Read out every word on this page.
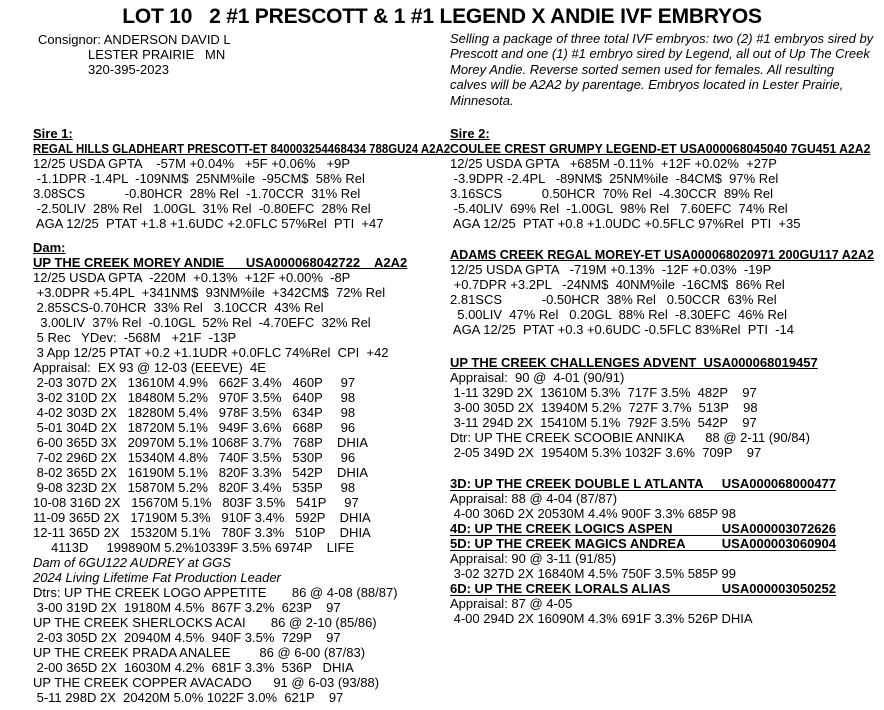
LOT 10   2 #1 PRESCOTT & 1 #1 LEGEND X ANDIE IVF EMBRYOS
Consignor: ANDERSON DAVID L
LESTER PRAIRIE   MN
320-395-2023
Selling a package of three total IVF embryos: two (2) #1 embryos sired by Prescott and one (1) #1 embryo sired by Legend, all out of Up The Creek Morey Andie. Reverse sorted semen used for females. All resulting calves will be A2A2 by parentage. Embryos located in Lester Prairie, Minnesota.
Sire 1:
REGAL HILLS GLADHEART PRESCOTT-ET 840003254468434 788GU24 A2A2
12/25 USDA GPTA    -57M +0.04%   +5F +0.06%   +9P
-1.1DPR -1.4PL  -109NM$  25NM%ile  -95CM$  58% Rel
3.08SCS           -0.80HCR  28% Rel  -1.70CCR  31% Rel
-2.50LIV  28% Rel   1.00GL  31% Rel  -0.80EFC  28% Rel
AGA 12/25  PTAT +1.8 +1.6UDC +2.0FLC 57%Rel  PTI  +47
Dam:
UP THE CREEK MOREY ANDIE      USA000068042722    A2A2
12/25 USDA GPTA  -220M  +0.13%  +12F +0.00%  -8P
+3.0DPR +5.4PL  +341NM$  93NM%ile  +342CM$  72% Rel
2.85SCS-0.70HCR  33% Rel   3.10CCR  43% Rel
3.00LIV  37% Rel  -0.10GL  52% Rel  -4.70EFC  32% Rel
5 Rec   YDev:  -568M   +21F  -13P
3 App 12/25 PTAT +0.2 +1.1UDR +0.0FLC 74%Rel  CPI  +42
Appraisal:  EX 93 @ 12-03 (EEEVE)  4E
2-03 307D 2X   13610M 4.9%   662F 3.4%   460P     97
3-02 310D 2X   18480M 5.2%   970F 3.5%   640P     98
4-02 303D 2X   18280M 5.4%   978F 3.5%   634P     98
5-01 304D 2X   18720M 5.1%   949F 3.6%   668P     96
6-00 365D 3X   20970M 5.1% 1068F 3.7%   768P    DHIA
7-02 296D 2X   15340M 4.8%   740F 3.5%   530P     96
8-02 365D 2X   16190M 5.1%   820F 3.3%   542P    DHIA
9-08 323D 2X   15870M 5.2%   820F 3.4%   535P     98
10-08 316D 2X   15670M 5.1%   803F 3.5%   541P     97
11-09 365D 2X   17190M 5.3%   910F 3.4%   592P    DHIA
12-11 365D 2X   15320M 5.1%   780F 3.3%   510P    DHIA
4113D     199890M 5.2%10339F 3.5% 6974P    LIFE
Dam of 6GU122 AUDREY at GGS
2024 Living Lifetime Fat Production Leader
Dtrs: UP THE CREEK LOGO APPETITE       86 @ 4-08 (88/87)
3-00 319D 2X  19180M 4.5%  867F 3.2%  623P    97
UP THE CREEK SHERLOCKS ACAI       86 @ 2-10 (85/86)
2-03 305D 2X  20940M 4.5%  940F 3.5%  729P    97
UP THE CREEK PRADA ANALEE        86 @ 6-00 (87/83)
2-00 365D 2X  16030M 4.2%  681F 3.3%  536P   DHIA
UP THE CREEK COPPER AVACADO      91 @ 6-03 (93/88)
5-11 298D 2X  20420M 5.0% 1022F 3.0%  621P    97
Sire 2:
COULEE CREST GRUMPY LEGEND-ET USA000068045040 7GU451 A2A2
12/25 USDA GPTA   +685M -0.11%  +12F +0.02%  +27P
-3.9DPR -2.4PL   -89NM$  25NM%ile  -84CM$  97% Rel
3.16SCS           0.50HCR  70% Rel  -4.30CCR  89% Rel
-5.40LIV  69% Rel  -1.00GL  98% Rel   7.60EFC  74% Rel
AGA 12/25  PTAT +0.8 +1.0UDC +0.5FLC 97%Rel  PTI  +35
ADAMS CREEK REGAL MOREY-ET USA000068020971 200GU117 A2A2
12/25 USDA GPTA   -719M +0.13%  -12F +0.03%  -19P
+0.7DPR +3.2PL   -24NM$  40NM%ile  -16CM$  86% Rel
2.81SCS           -0.50HCR  38% Rel   0.50CCR  63% Rel
5.00LIV  47% Rel   0.20GL  88% Rel  -8.30EFC  46% Rel
AGA 12/25  PTAT +0.3 +0.6UDC -0.5FLC 83%Rel  PTI  -14
UP THE CREEK CHALLENGES ADVENT  USA000068019457
Appraisal:  90 @  4-01 (90/91)
1-11 329D 2X  13610M 5.3%  717F 3.5%  482P    97
3-00 305D 2X  13940M 5.2%  727F 3.7%  513P    98
3-11 294D 2X  15410M 5.1%  792F 3.5%  542P    97
Dtr: UP THE CREEK SCOOBIE ANNIKA      88 @ 2-11 (90/84)
2-05 349D 2X  19540M 5.3% 1032F 3.6%  709P    97
3D: UP THE CREEK DOUBLE L ATLANTA USA000068000477
Appraisal: 88 @ 4-04 (87/87)
4-00 306D 2X 20530M 4.4% 900F 3.3% 685P 98
4D: UP THE CREEK LOGICS ASPEN	USA000003072626
5D: UP THE CREEK MAGICS ANDREA	USA000003060904
Appraisal: 90 @ 3-11 (91/85)
3-02 327D 2X 16840M 4.5% 750F 3.5% 585P 99
6D: UP THE CREEK LORALS ALIAS	USA000003050252
Appraisal: 87 @ 4-05
4-00 294D 2X 16090M 4.3% 691F 3.3% 526P DHIA
